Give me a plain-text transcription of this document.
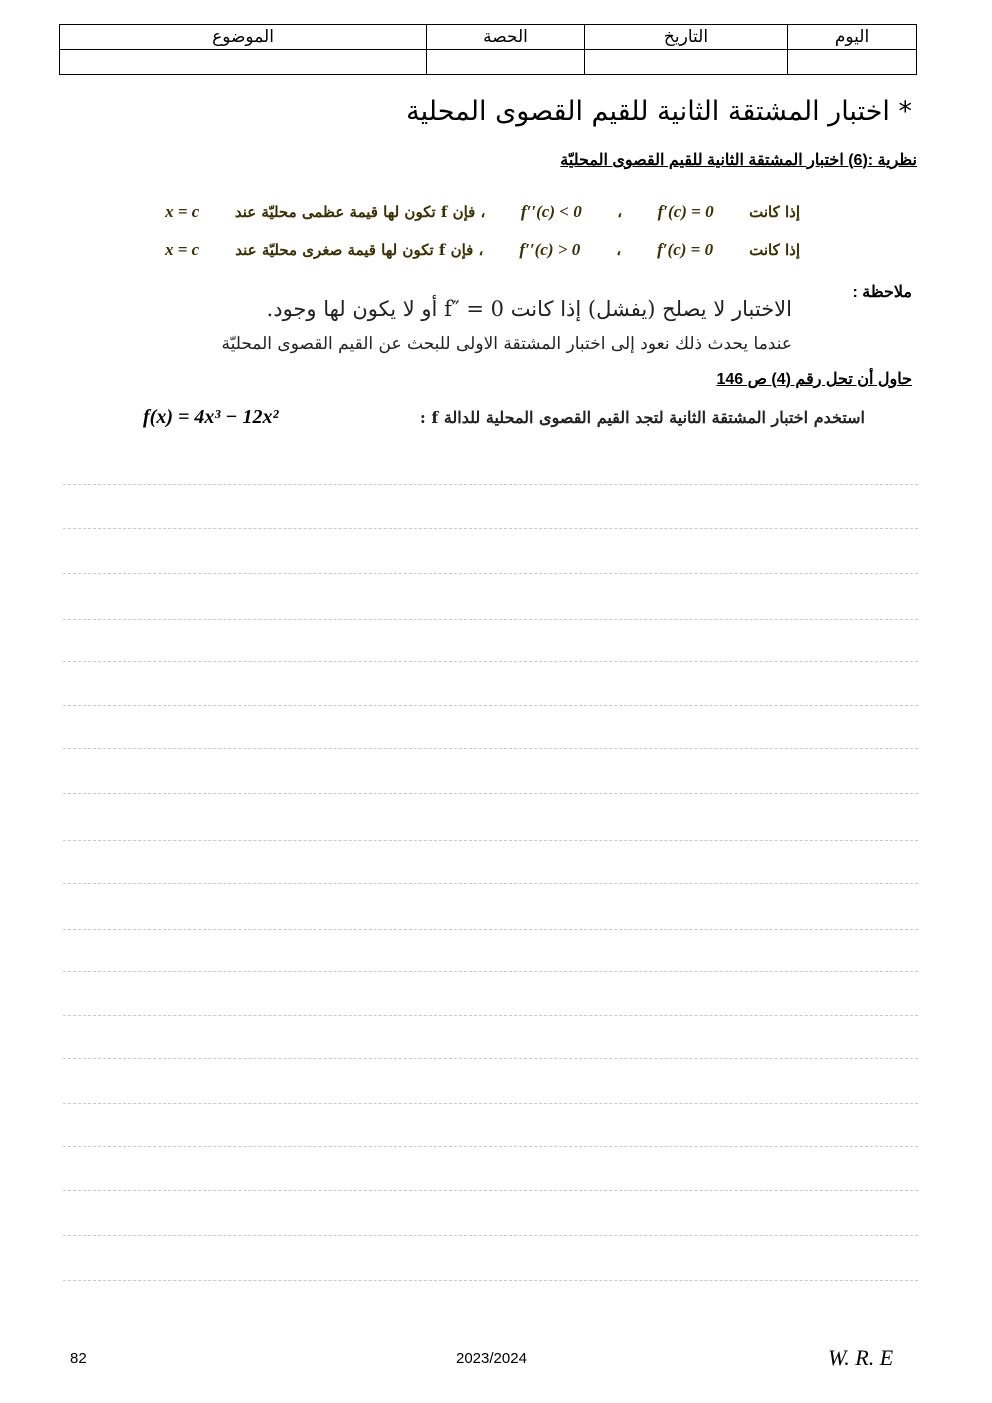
اليوم	التاريخ	الحصة	الموضوع

* اختبار المشتقة الثانية للقيم القصوى المحلية
نظرية :(6) اختبار المشتقة الثانية للقيم القصوى المحليّة
إذا كانت
f′(c) = 0
،
f′′(c) < 0
، فإن f تكون لها قيمة عظمى محليّة عند
x = c
إذا كانت
f′(c) = 0
،
f′′(c) > 0
، فإن f تكون لها قيمة صغرى محليّة عند
x = c
ملاحظة :
الاختبار لا يصلح (يفشل) إذا كانت 0 = ″f أو لا يكون لها وجود.
عندما يحدث ذلك نعود إلى اختبار المشتقة الاولى للبحث عن القيم القصوى المحليّة
حاول أن تحل رقم (4) ص 146
استخدم اختبار المشتقة الثانية لتجد القيم القصوى المحلية للدالة f :
f(x) = 4x³ − 12x²
82	2023/2024	W. R. E
